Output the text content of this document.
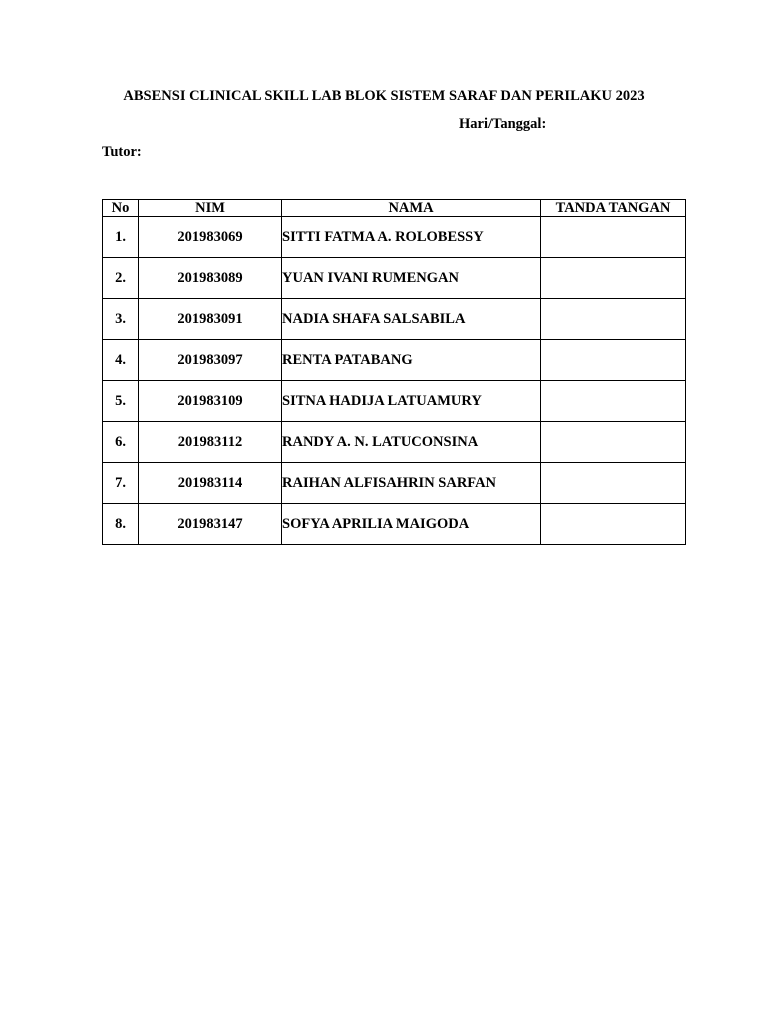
ABSENSI CLINICAL SKILL LAB BLOK SISTEM SARAF DAN PERILAKU 2023
Hari/Tanggal:
Tutor:
No	NIM	NAMA	TANDA TANGAN
1.	201983069	SITTI FATMA A. ROLOBESSY	
2.	201983089	YUAN IVANI RUMENGAN	
3.	201983091	NADIA SHAFA SALSABILA	
4.	201983097	RENTA PATABANG	
5.	201983109	SITNA HADIJA LATUAMURY	
6.	201983112	RANDY A. N. LATUCONSINA	
7.	201983114	RAIHAN ALFISAHRIN SARFAN	
8.	201983147	SOFYA APRILIA MAIGODA	
